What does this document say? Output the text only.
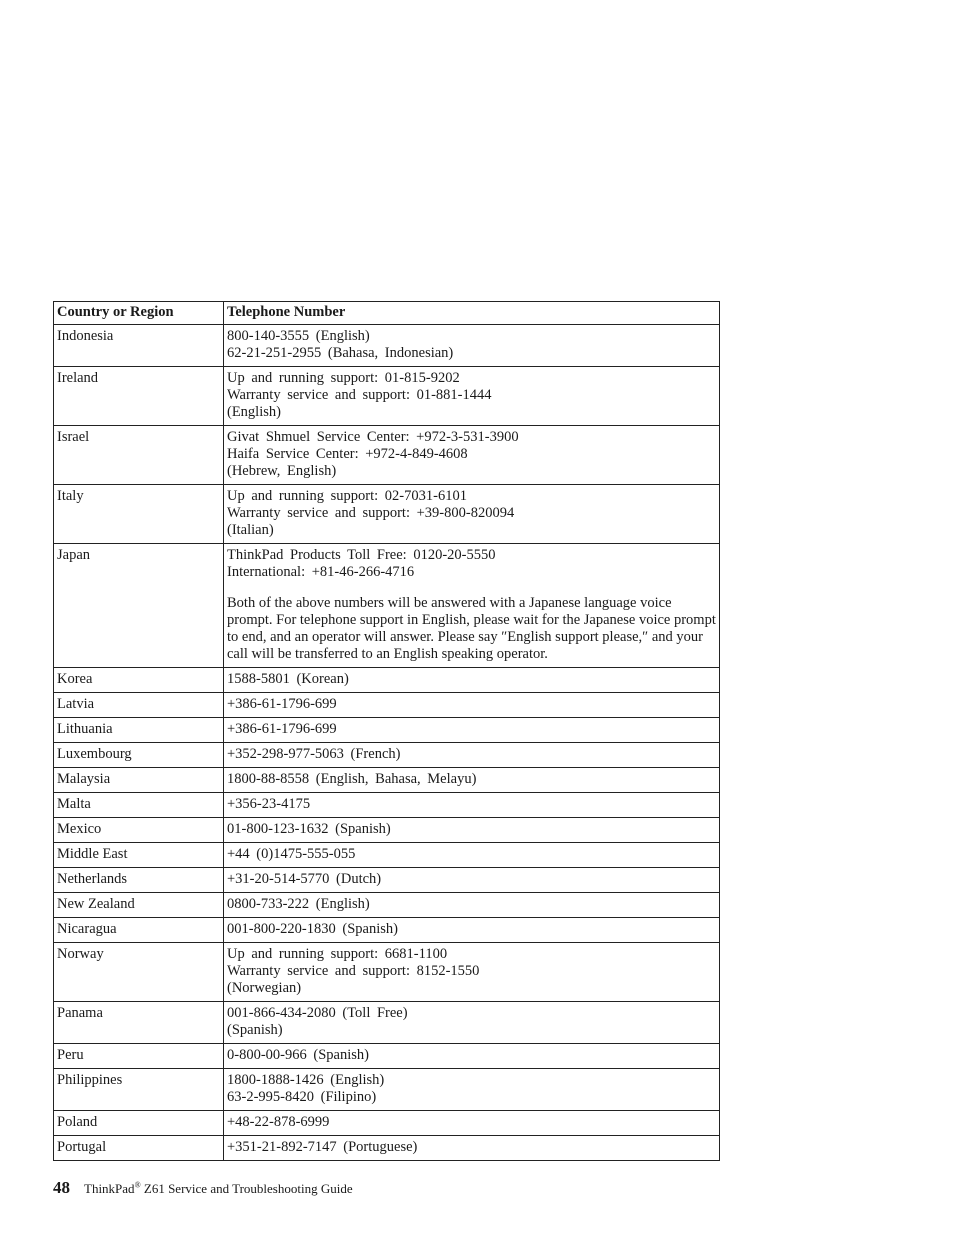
Country or Region	Telephone Number
Indonesia	800-140-3555 (English)
62-21-251-2955 (Bahasa, Indonesian)

Ireland	Up and running support: 01-815-9202
Warranty service and support: 01-881-1444
(English)

Israel	Givat Shmuel Service Center: +972-3-531-3900
Haifa Service Center: +972-4-849-4608
(Hebrew, English)

Italy	Up and running support: 02-7031-6101
Warranty service and support: +39-800-820094
(Italian)

Japan	ThinkPad Products Toll Free: 0120-20-5550
International: +81-46-266-4716
Both of the above numbers will be answered with a Japanese language voice prompt. For telephone support in English, please wait for the Japanese voice prompt to end, and an operator will answer. Please say ″English support please,″ and your call will be transferred to an English speaking operator.

Korea	1588-5801 (Korean)

Latvia	+386-61-1796-699

Lithuania	+386-61-1796-699

Luxembourg	+352-298-977-5063 (French)

Malaysia	1800-88-8558 (English, Bahasa, Melayu)

Malta	+356-23-4175

Mexico	01-800-123-1632 (Spanish)

Middle East	+44 (0)1475-555-055

Netherlands	+31-20-514-5770 (Dutch)

New Zealand	0800-733-222 (English)

Nicaragua	001-800-220-1830 (Spanish)

Norway	Up and running support: 6681-1100
Warranty service and support: 8152-1550
(Norwegian)

Panama	001-866-434-2080 (Toll Free)
(Spanish)

Peru	0-800-00-966 (Spanish)

Philippines	1800-1888-1426 (English)
63-2-995-8420 (Filipino)

Poland	+48-22-878-6999

Portugal	+351-21-892-7147 (Portuguese)
48 ThinkPad® Z61 Service and Troubleshooting Guide
